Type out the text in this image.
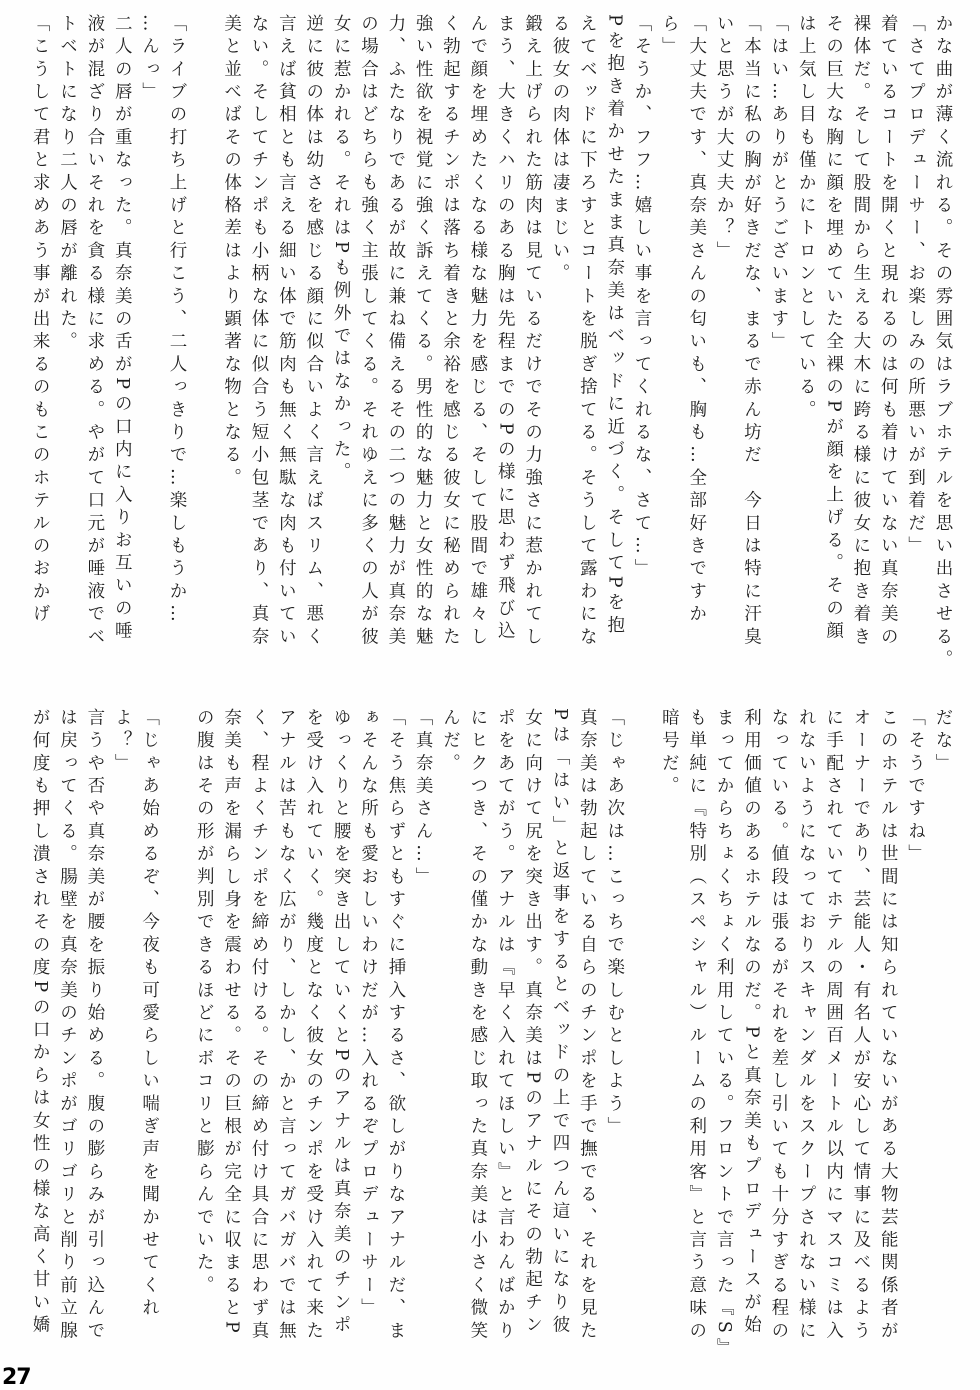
かな曲が薄く流れる。その雰囲気はラブホテルを思い出させる。
「さてプロデューサー、お楽しみの所悪いが到着だ」
着ているコートを開くと現れるのは何も着けていない真奈美の
裸体だ。そして股間から生える大木に跨る様に彼女に抱き着き
その巨大な胸に顔を埋めていた全裸のPが顔を上げる。その顔
は上気し目も僅かにトロンとしている。
「はい…ありがとうございます」
「本当に私の胸が好きだな、まるで赤ん坊だ　今日は特に汗臭
いと思うが大丈夫か？」
「大丈夫です、真奈美さんの匂いも、胸も…全部好きですか
ら」
「そうか、フフ…嬉しい事を言ってくれるな、さて…」
Pを抱き着かせたまま真奈美はベッドに近づく。そしてPを抱
えてベッドに下ろすとコートを脱ぎ捨てる。そうして露わにな
る彼女の肉体は凄まじい。
鍛え上げられた筋肉は見ているだけでその力強さに惹かれてし
まう、大きくハリのある胸は先程までのPの様に思わず飛び込
んで顔を埋めたくなる様な魅力を感じる、そして股間で雄々し
く勃起するチンポは落ち着きと余裕を感じる彼女に秘められた
強い性欲を視覚に強く訴えてくる。男性的な魅力と女性的な魅
力、ふたなりであるが故に兼ね備えるその二つの魅力が真奈美
の場合はどちらも強く主張してくる。それゆえに多くの人が彼
女に惹かれる。それはPも例外ではなかった。
逆に彼の体は幼さを感じる顔に似合いよく言えばスリム、悪く
言えば貧相とも言える細い体で筋肉も無く無駄な肉も付いてい
ない。そしてチンポも小柄な体に似合う短小包茎であり、真奈
美と並べばその体格差はより顕著な物となる。
「ライブの打ち上げと行こう、二人っきりで…楽しもうか…
…んっ」
二人の唇が重なった。真奈美の舌がPの口内に入りお互いの唾
液が混ざり合いそれを貪る様に求める。やがて口元が唾液でベ
トベトになり二人の唇が離れた。
「こうして君と求めあう事が出来るのもこのホテルのおかげ
だな」
「そうですね」
このホテルは世間には知られていないがある大物芸能関係者が
オーナーであり、芸能人・有名人が安心して情事に及べるよう
に手配されていてホテルの周囲百メートル以内にマスコミは入
れないようになっておりスキャンダルをスクープされない様に
なっている。値段は張るがそれを差し引いても十分すぎる程の
利用価値のあるホテルなのだ。Pと真奈美もプロデュースが始
まってからちょくちょく利用している。フロントで言った『S』
も単純に『特別（スペシャル）ルームの利用客』と言う意味の
暗号だ。
「じゃあ次は…こっちで楽しむとしよう」
真奈美は勃起している自らのチンポを手で撫でる、それを見た
Pは「はい」と返事をするとベッドの上で四つん這いになり彼
女に向けて尻を突き出す。真奈美はPのアナルにその勃起チン
ポをあてがう。アナルは『早く入れてほしい』と言わんばかり
にヒクつき、その僅かな動きを感じ取った真奈美は小さく微笑
んだ。
「真奈美さん…」
「そう焦らずともすぐに挿入するさ、欲しがりなアナルだ、ま
ぁそんな所も愛おしいわけだが…入れるぞプロデューサー」
ゆっくりと腰を突き出していくとPのアナルは真奈美のチンポ
を受け入れていく。幾度となく彼女のチンポを受け入れて来た
アナルは苦もなく広がり、しかし、かと言ってガバガバでは無
く、程よくチンポを締め付ける。その締め付け具合に思わず真
奈美も声を漏らし身を震わせる。その巨根が完全に収まるとP
の腹はその形が判別できるほどにボコリと膨らんでいた。
「じゃあ始めるぞ、今夜も可愛らしい喘ぎ声を聞かせてくれ
よ？」
言うや否や真奈美が腰を振り始める。腹の膨らみが引っ込んで
は戻ってくる。腸壁を真奈美のチンポがゴリゴリと削り前立腺
が何度も押し潰されその度Pの口からは女性の様な高く甘い嬌
27
